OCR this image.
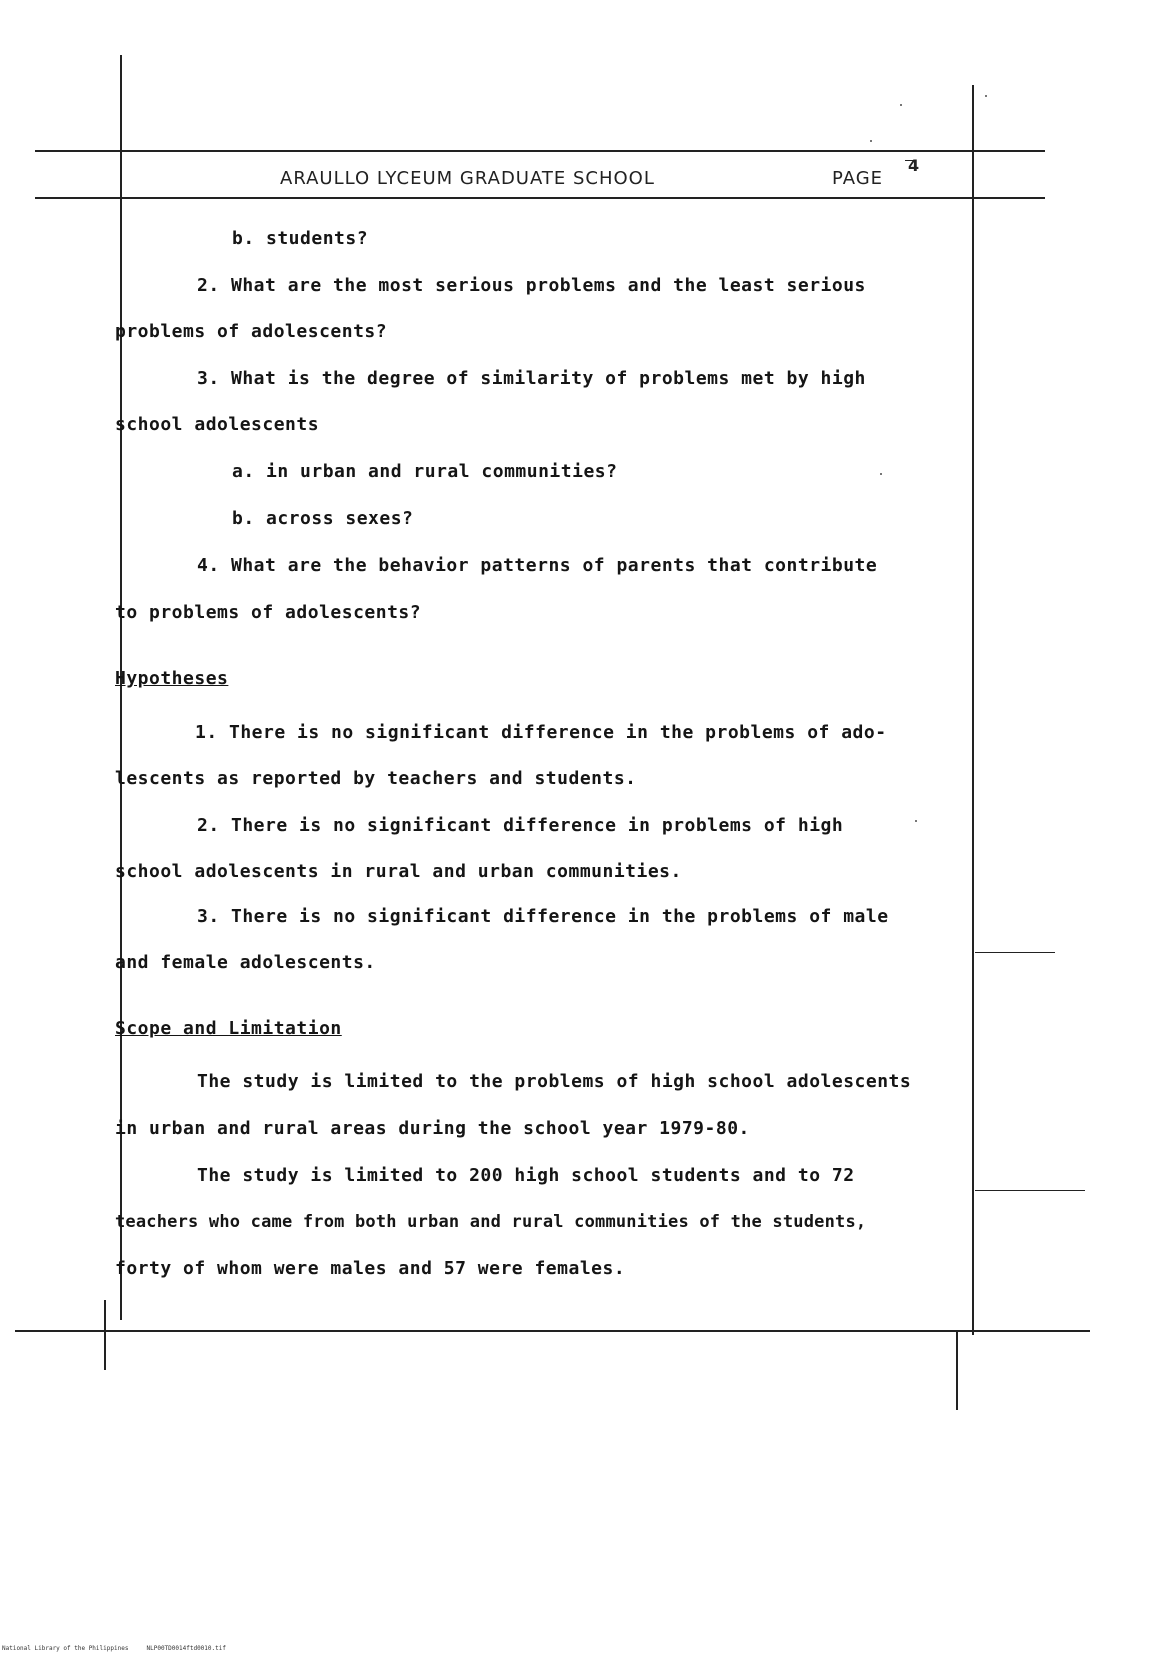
ARAULLO LYCEUM GRADUATE SCHOOL	PAGE
4
b. students?
2. What are the most serious problems and the least serious
problems of adolescents?
3. What is the degree of similarity of problems met by high
school adolescents
a. in urban and rural communities?
b. across sexes?
4. What are the behavior patterns of parents that contribute
to problems of adolescents?
Hypotheses
1. There is no significant difference in the problems of ado-
lescents as reported by teachers and students.
2. There is no significant difference in problems of high
school adolescents in rural and urban communities.
3. There is no significant difference in the problems of male
and female adolescents.
Scope and Limitation
The study is limited to the problems of high school adolescents
in urban and rural areas during the school year 1979-80.
The study is limited to 200 high school students and to 72
teachers who came from both urban and rural communities of the students,
forty of whom were males and 57 were females.
National Library of the Philippines     NLP00TD0014ftd0010.tif
